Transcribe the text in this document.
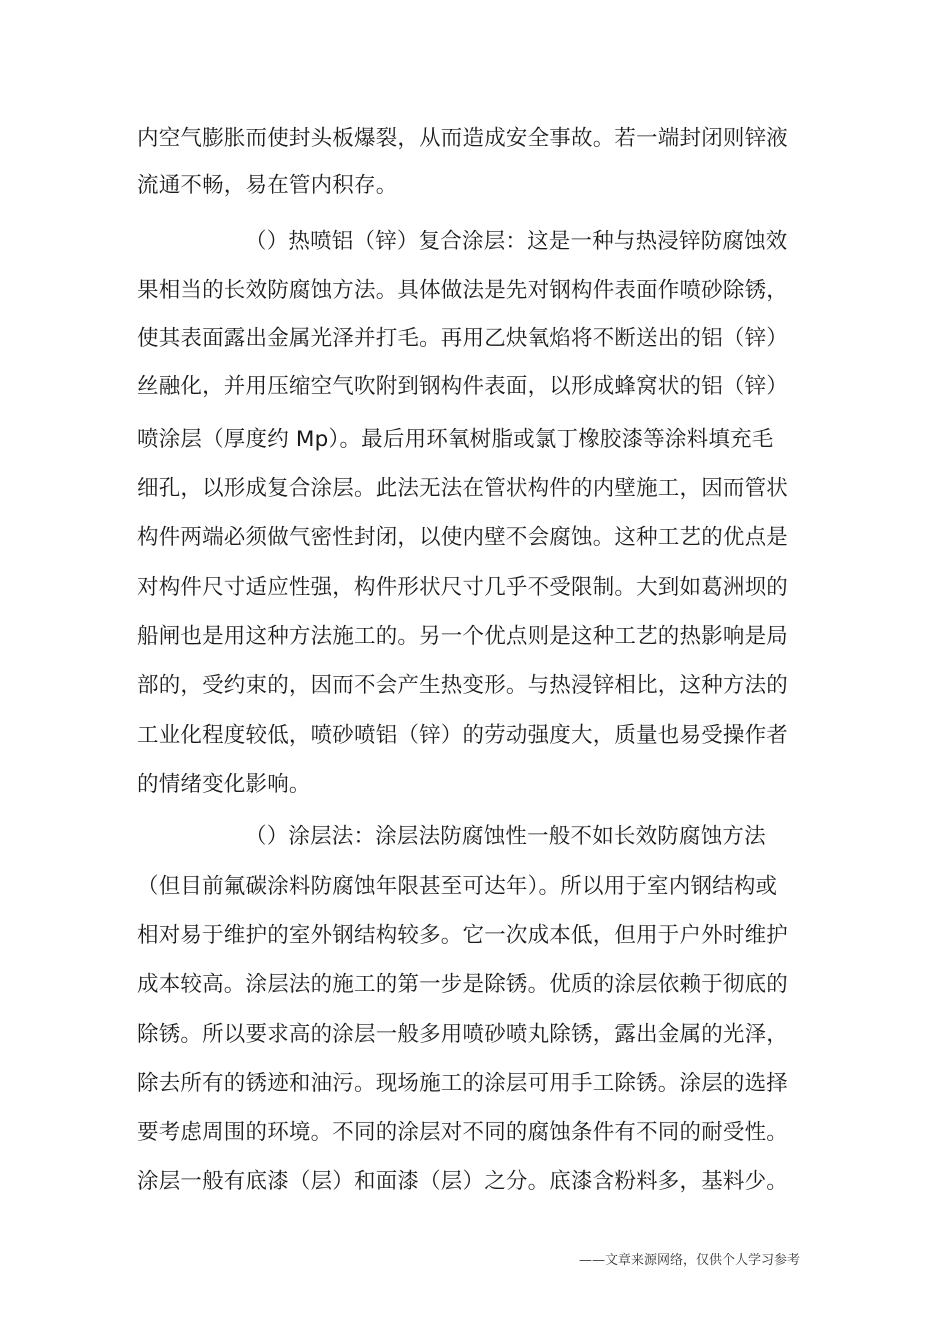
内空气膨胀而使封头板爆裂，从而造成安全事故。若一端封闭则锌液
流通不畅，易在管内积存。
（）热喷铝（锌）复合涂层：这是一种与热浸锌防腐蚀效
果相当的长效防腐蚀方法。具体做法是先对钢构件表面作喷砂除锈，
使其表面露出金属光泽并打毛。再用乙炔氧焰将不断送出的铝（锌）
丝融化，并用压缩空气吹附到钢构件表面，以形成蜂窝状的铝（锌）
喷涂层（厚度约 Mp）。最后用环氧树脂或氯丁橡胶漆等涂料填充毛
细孔，以形成复合涂层。此法无法在管状构件的内壁施工，因而管状
构件两端必须做气密性封闭，以使内壁不会腐蚀。这种工艺的优点是
对构件尺寸适应性强，构件形状尺寸几乎不受限制。大到如葛洲坝的
船闸也是用这种方法施工的。另一个优点则是这种工艺的热影响是局
部的，受约束的，因而不会产生热变形。与热浸锌相比，这种方法的
工业化程度较低，喷砂喷铝（锌）的劳动强度大，质量也易受操作者
的情绪变化影响。
（）涂层法：涂层法防腐蚀性一般不如长效防腐蚀方法
（但目前氟碳涂料防腐蚀年限甚至可达年）。所以用于室内钢结构或
相对易于维护的室外钢结构较多。它一次成本低，但用于户外时维护
成本较高。涂层法的施工的第一步是除锈。优质的涂层依赖于彻底的
除锈。所以要求高的涂层一般多用喷砂喷丸除锈，露出金属的光泽，
除去所有的锈迹和油污。现场施工的涂层可用手工除锈。涂层的选择
要考虑周围的环境。不同的涂层对不同的腐蚀条件有不同的耐受性。
涂层一般有底漆（层）和面漆（层）之分。底漆含粉料多，基料少。
——文章来源网络，仅供个人学习参考
